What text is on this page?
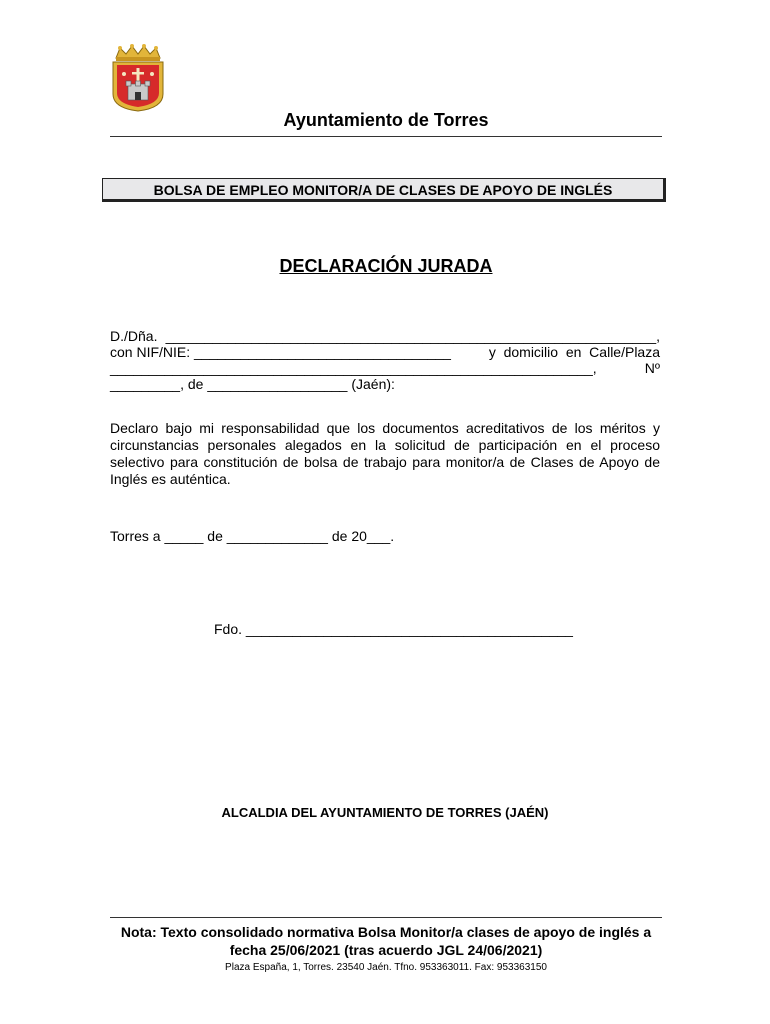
Ayuntamiento de Torres
BOLSA DE EMPLEO MONITOR/A DE CLASES DE APOYO DE INGLÉS
DECLARACIÓN JURADA
D./Dña. _______________________________________________________________,
con NIF/NIE: _________________________________	y  domicilio  en  Calle/Plaza
______________________________________________________________,	Nº
_________, de __________________ (Jaén):
Declaro bajo mi responsabilidad que los documentos acreditativos de los méritos y circunstancias personales alegados en la solicitud de participación en el proceso selectivo para constitución de bolsa de trabajo para monitor/a de Clases de Apoyo de Inglés es auténtica.
Torres a _____ de _____________ de 20___.
Fdo. __________________________________________
ALCALDIA DEL AYUNTAMIENTO DE TORRES (JAÉN)
Nota: Texto consolidado normativa Bolsa Monitor/a clases de apoyo de inglés a fecha 25/06/2021 (tras acuerdo JGL 24/06/2021)
Plaza España, 1, Torres. 23540 Jaén. Tfno. 953363011. Fax: 953363150
